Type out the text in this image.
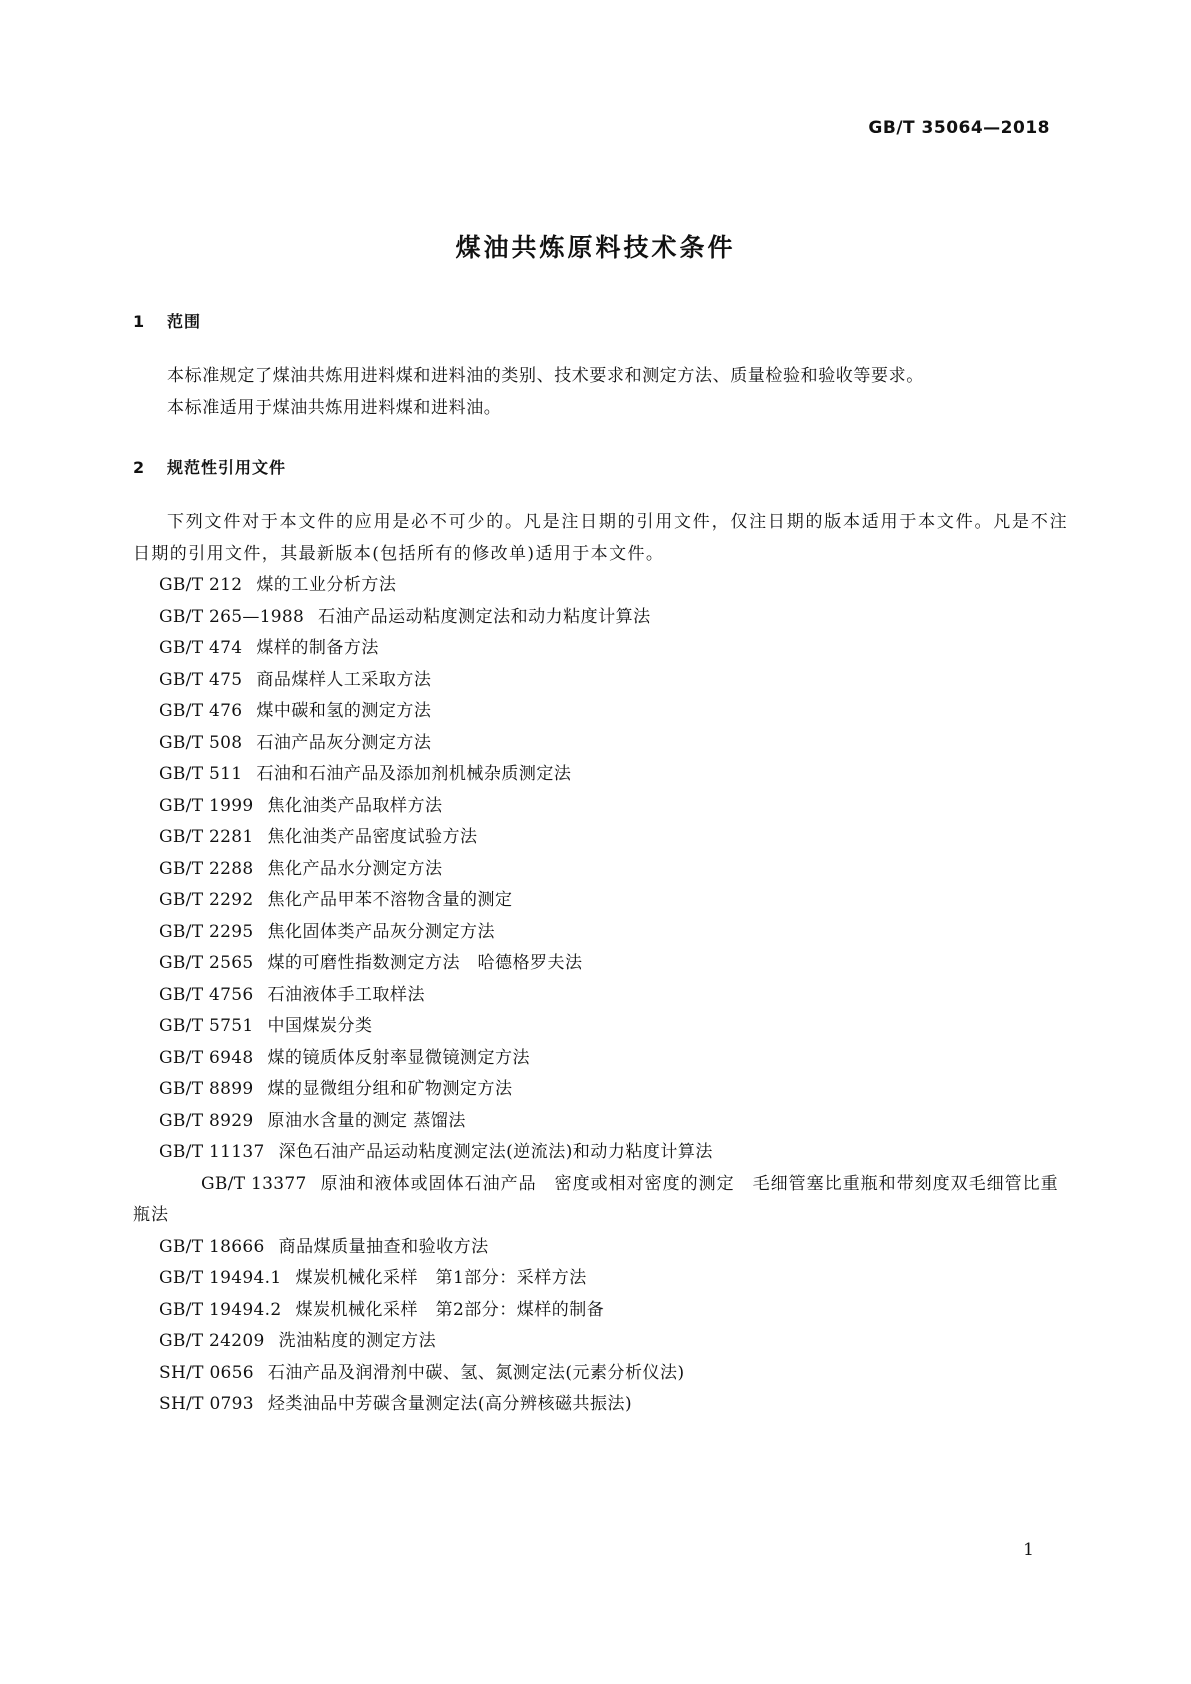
GB/T 35064—2018
煤油共炼原料技术条件
1 范围
本标准规定了煤油共炼用进料煤和进料油的类别、技术要求和测定方法、质量检验和验收等要求。
本标准适用于煤油共炼用进料煤和进料油。
2 规范性引用文件
下列文件对于本文件的应用是必不可少的。凡是注日期的引用文件，仅注日期的版本适用于本文件。凡是不注日期的引用文件，其最新版本(包括所有的修改单)适用于本文件。

GB/T 212 煤的工业分析方法

GB/T 265—1988 石油产品运动粘度测定法和动力粘度计算法

GB/T 474 煤样的制备方法

GB/T 475 商品煤样人工采取方法

GB/T 476 煤中碳和氢的测定方法

GB/T 508 石油产品灰分测定方法

GB/T 511 石油和石油产品及添加剂机械杂质测定法

GB/T 1999 焦化油类产品取样方法

GB/T 2281 焦化油类产品密度试验方法

GB/T 2288 焦化产品水分测定方法

GB/T 2292 焦化产品甲苯不溶物含量的测定

GB/T 2295 焦化固体类产品灰分测定方法

GB/T 2565 煤的可磨性指数测定方法　哈德格罗夫法

GB/T 4756 石油液体手工取样法

GB/T 5751 中国煤炭分类

GB/T 6948 煤的镜质体反射率显微镜测定方法

GB/T 8899 煤的显微组分组和矿物测定方法

GB/T 8929 原油水含量的测定 蒸馏法

GB/T 11137 深色石油产品运动粘度测定法(逆流法)和动力粘度计算法

GB/T 13377 原油和液体或固体石油产品　密度或相对密度的测定　毛细管塞比重瓶和带刻度双毛细管比重瓶法

GB/T 18666 商品煤质量抽查和验收方法

GB/T 19494.1 煤炭机械化采样　第1部分：采样方法

GB/T 19494.2 煤炭机械化采样　第2部分：煤样的制备

GB/T 24209 洗油粘度的测定方法

SH/T 0656 石油产品及润滑剂中碳、氢、氮测定法(元素分析仪法)

SH/T 0793 烃类油品中芳碳含量测定法(高分辨核磁共振法)

1
